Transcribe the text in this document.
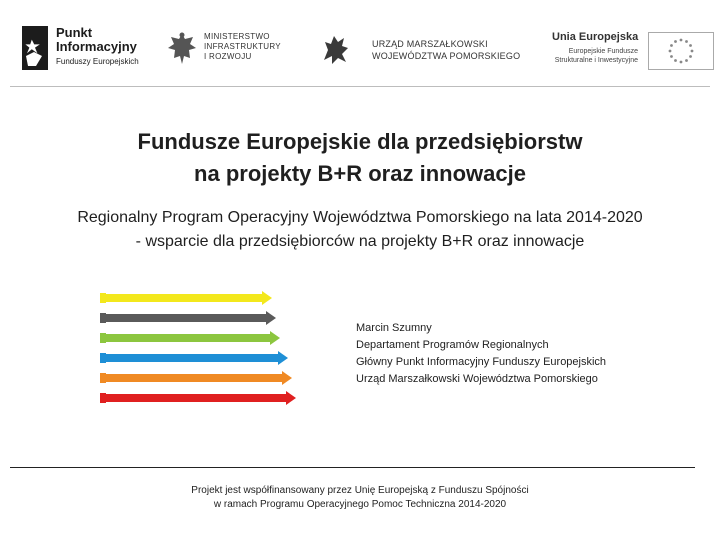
Punkt
Informacyjny
Funduszy Europejskich
MINISTERSTWO
INFRASTRUKTURY
I ROZWOJU
URZĄD MARSZAŁKOWSKI
WOJEWÓDZTWA POMORSKIEGO
Unia Europejska
Europejskie Fundusze
Strukturalne i Inwestycyjne
Fundusze Europejskie dla przedsiębiorstw
na projekty B+R oraz innowacje
Regionalny Program Operacyjny Województwa Pomorskiego na lata 2014-2020
- wsparcie dla przedsiębiorców na projekty B+R oraz innowacje
Marcin Szumny
Departament Programów Regionalnych
Główny Punkt Informacyjny Funduszy Europejskich
Urząd Marszałkowski Województwa Pomorskiego
Projekt jest współfinansowany przez Unię Europejską z Funduszu Spójności
w ramach Programu Operacyjnego Pomoc Techniczna 2014-2020
